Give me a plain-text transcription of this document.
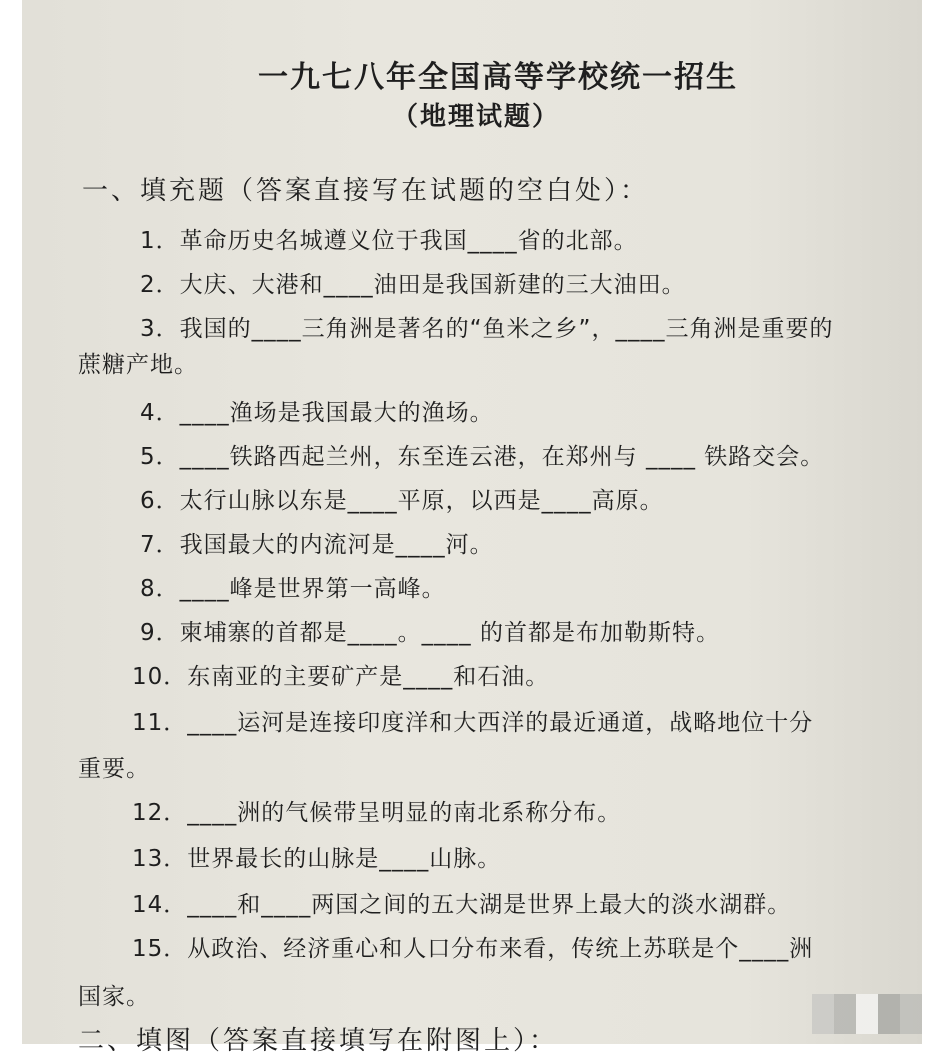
一九七八年全国高等学校统一招生
（地理试题）
一、填充题（答案直接写在试题的空白处）：
1．革命历史名城遵义位于我国____省的北部。
2．大庆、大港和____油田是我国新建的三大油田。
3．我国的____三角洲是著名的“鱼米之乡”，____三角洲是重要的
蔗糖产地。
4．____渔场是我国最大的渔场。
5．____铁路西起兰州，东至连云港，在郑州与 ____ 铁路交会。
6．太行山脉以东是____平原，以西是____高原。
7．我国最大的内流河是____河。
8．____峰是世界第一高峰。
9．柬埔寨的首都是____。____ 的首都是布加勒斯特。
10．东南亚的主要矿产是____和石油。
11．____运河是连接印度洋和大西洋的最近通道，战略地位十分
重要。
12．____洲的气候带呈明显的南北系称分布。
13．世界最长的山脉是____山脉。
14．____和____两国之间的五大湖是世界上最大的淡水湖群。
15．从政治、经济重心和人口分布来看，传统上苏联是个____洲
国家。
二、填图（答案直接填写在附图上）：
